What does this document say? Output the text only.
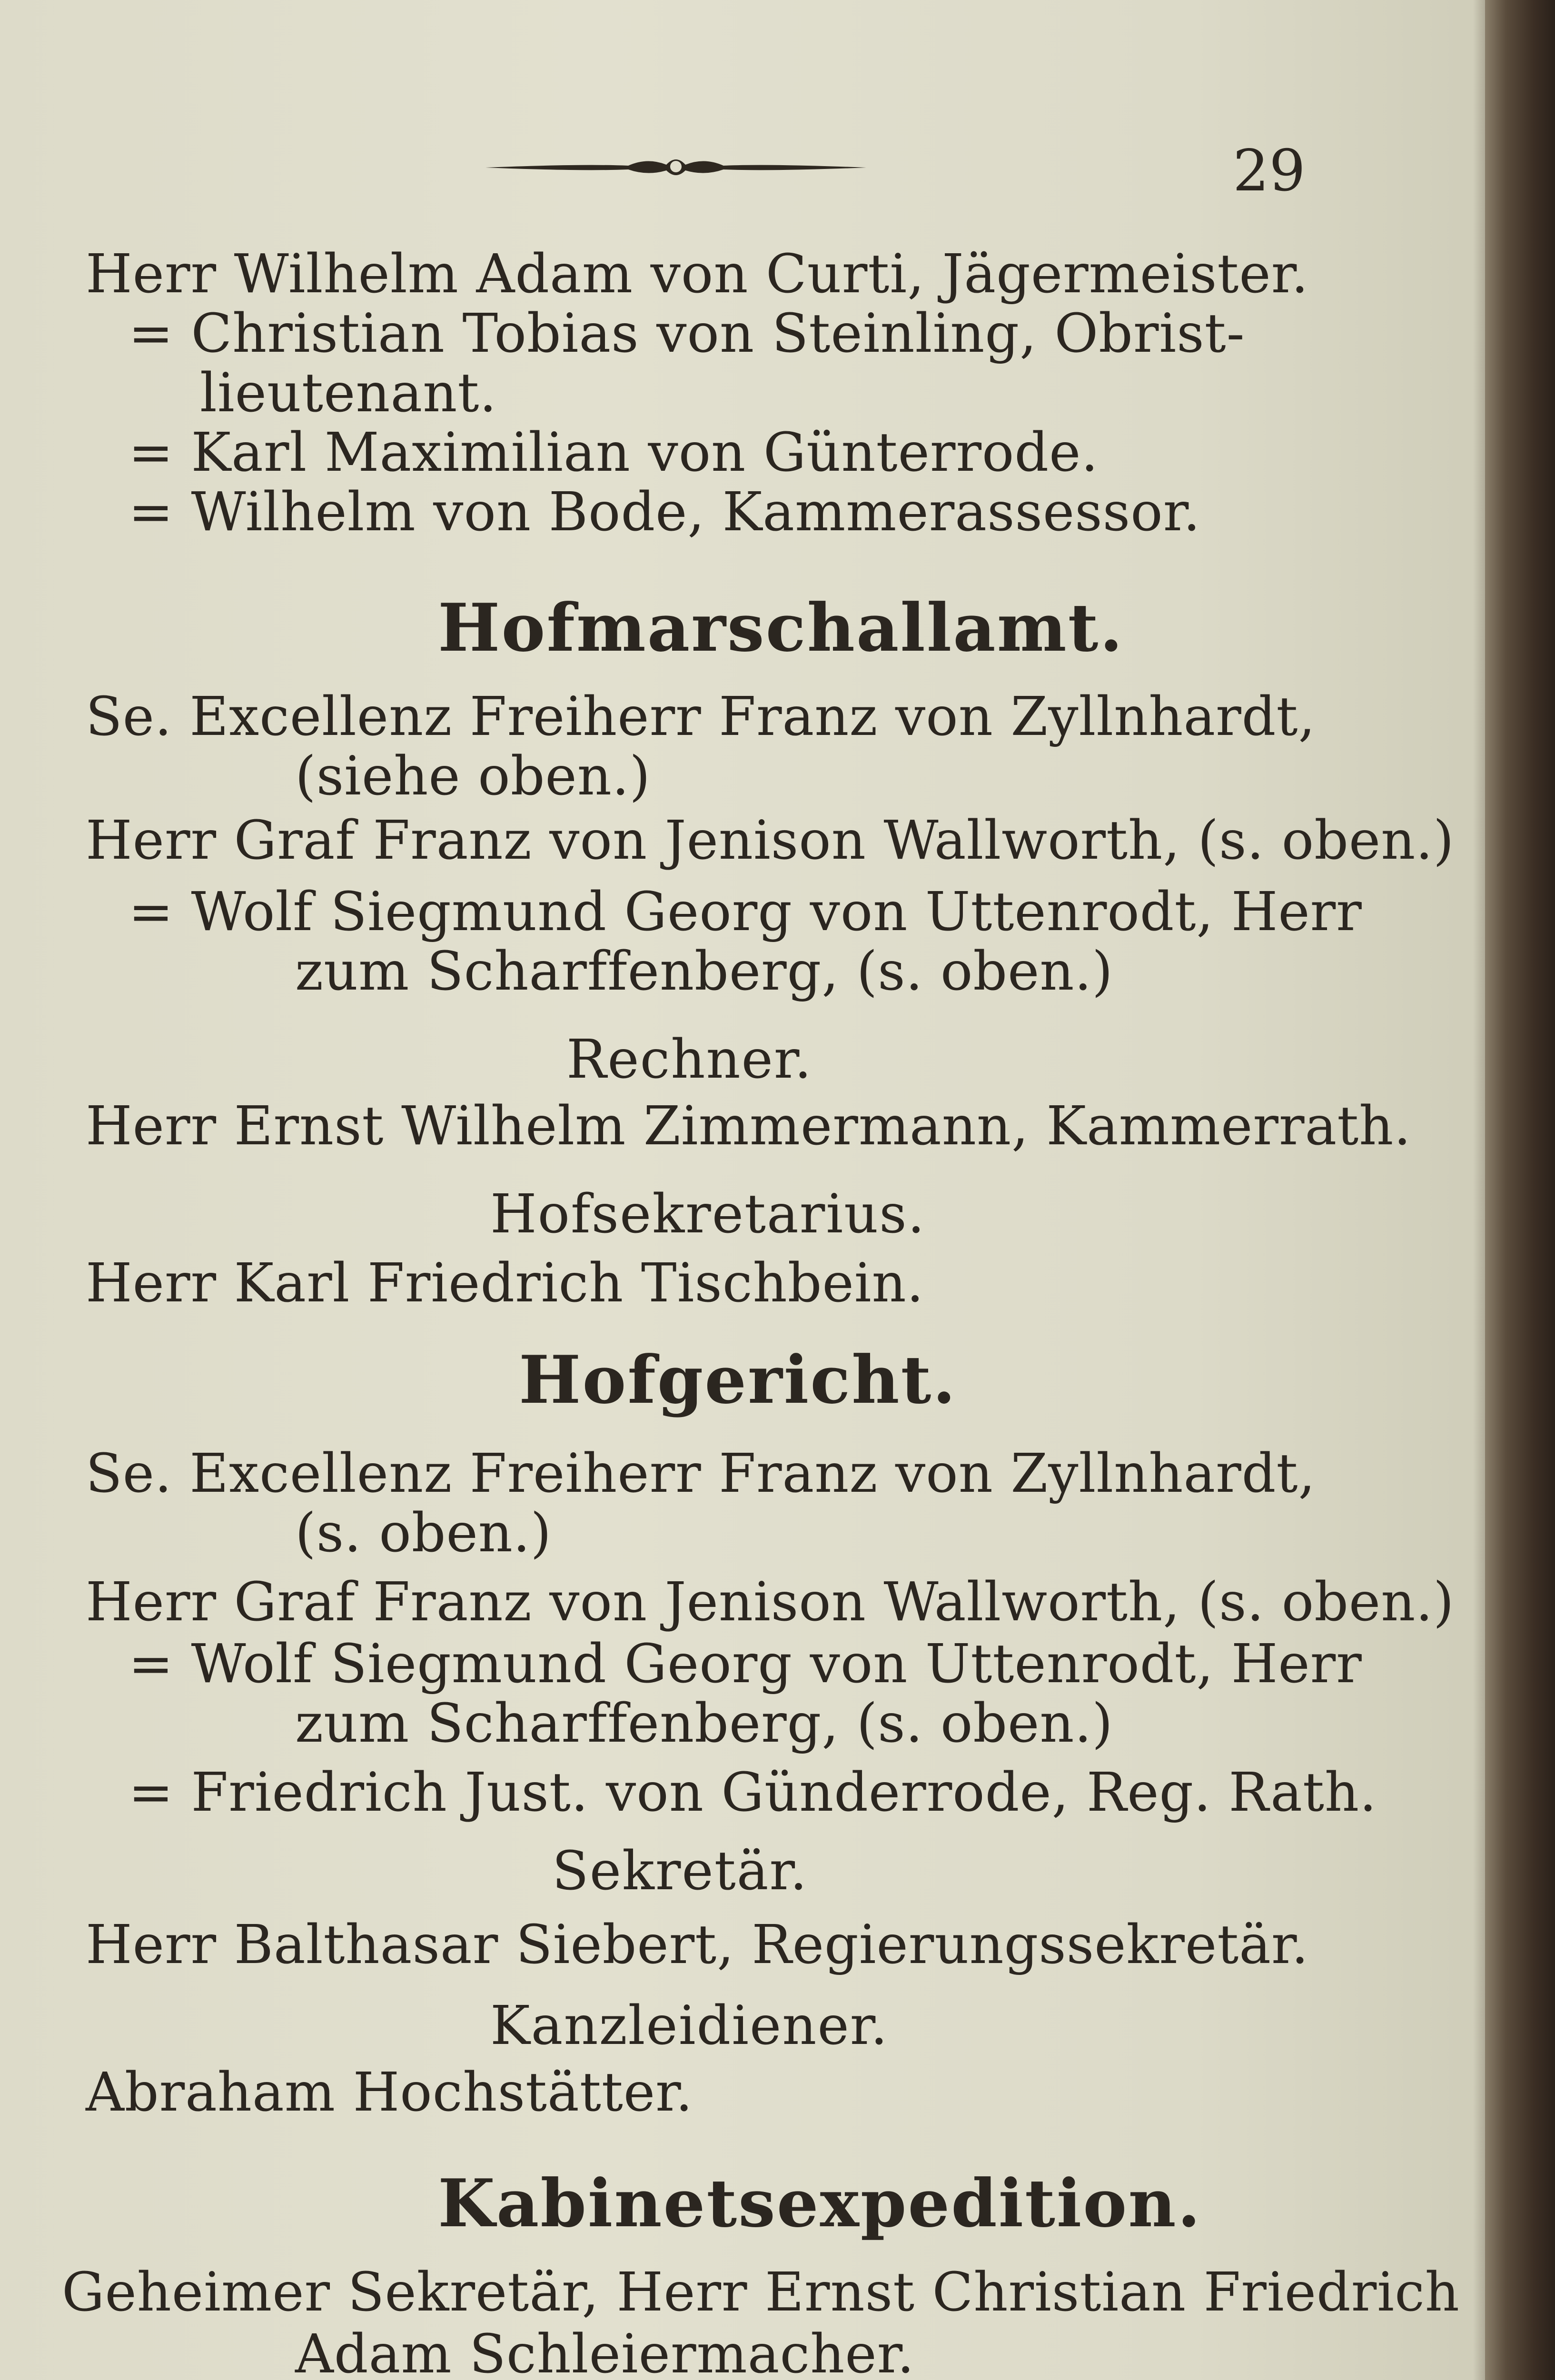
29
Herr Wilhelm Adam von Curti, Jägermeister.
= Christian Tobias von Steinling, Obrist-
lieutenant.
= Karl Maximilian von Günterrode.
= Wilhelm von Bode, Kammerassessor.
Hofmarschallamt.
Se. Excellenz Freiherr Franz von Zyllnhardt,
(siehe oben.)
Herr Graf Franz von Jenison Wallworth, (s. oben.)
= Wolf Siegmund Georg von Uttenrodt, Herr
zum Scharffenberg, (s. oben.)
Rechner.
Herr Ernst Wilhelm Zimmermann, Kammerrath.
Hofsekretarius.
Herr Karl Friedrich Tischbein.
Hofgericht.
Se. Excellenz Freiherr Franz von Zyllnhardt,
(s. oben.)
Herr Graf Franz von Jenison Wallworth, (s. oben.)
= Wolf Siegmund Georg von Uttenrodt, Herr
zum Scharffenberg, (s. oben.)
= Friedrich Just. von Günderrode, Reg. Rath.
Sekretär.
Herr Balthasar Siebert, Regierungssekretär.
Kanzleidiener.
Abraham Hochstätter.
Kabinetsexpedition.
Geheimer Sekretär, Herr Ernst Christian Friedrich
Adam Schleiermacher.
